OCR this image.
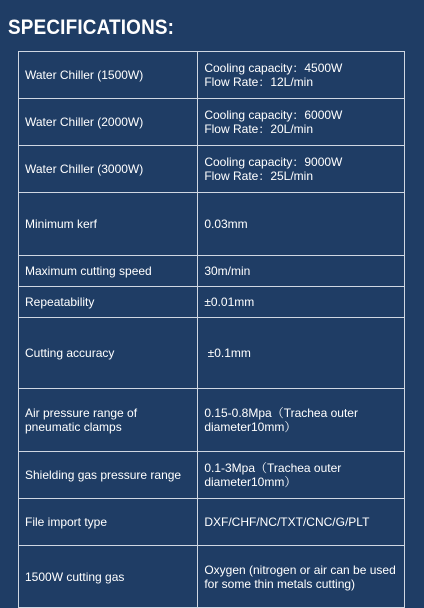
SPECIFICATIONS:
Water Chiller (1500W)	Cooling capacity：4500W
Flow Rate：12L/min

Water Chiller (2000W)	Cooling capacity：6000W
Flow Rate：20L/min

Water Chiller (3000W)	Cooling capacity：9000W
Flow Rate：25L/min

Minimum kerf	0.03mm

Maximum cutting speed	30m/min

Repeatability	±0.01mm

Cutting accuracy	±0.1mm

Air pressure range of
pneumatic clamps	0.15-0.8Mpa（Trachea outer
diameter10mm）

Shielding gas pressure range	0.1-3Mpa（Trachea outer
diameter10mm）

File import type	DXF/CHF/NC/TXT/CNC/G/PLT

1500W cutting gas	Oxygen (nitrogen or air can be used
for some thin metals cutting)
